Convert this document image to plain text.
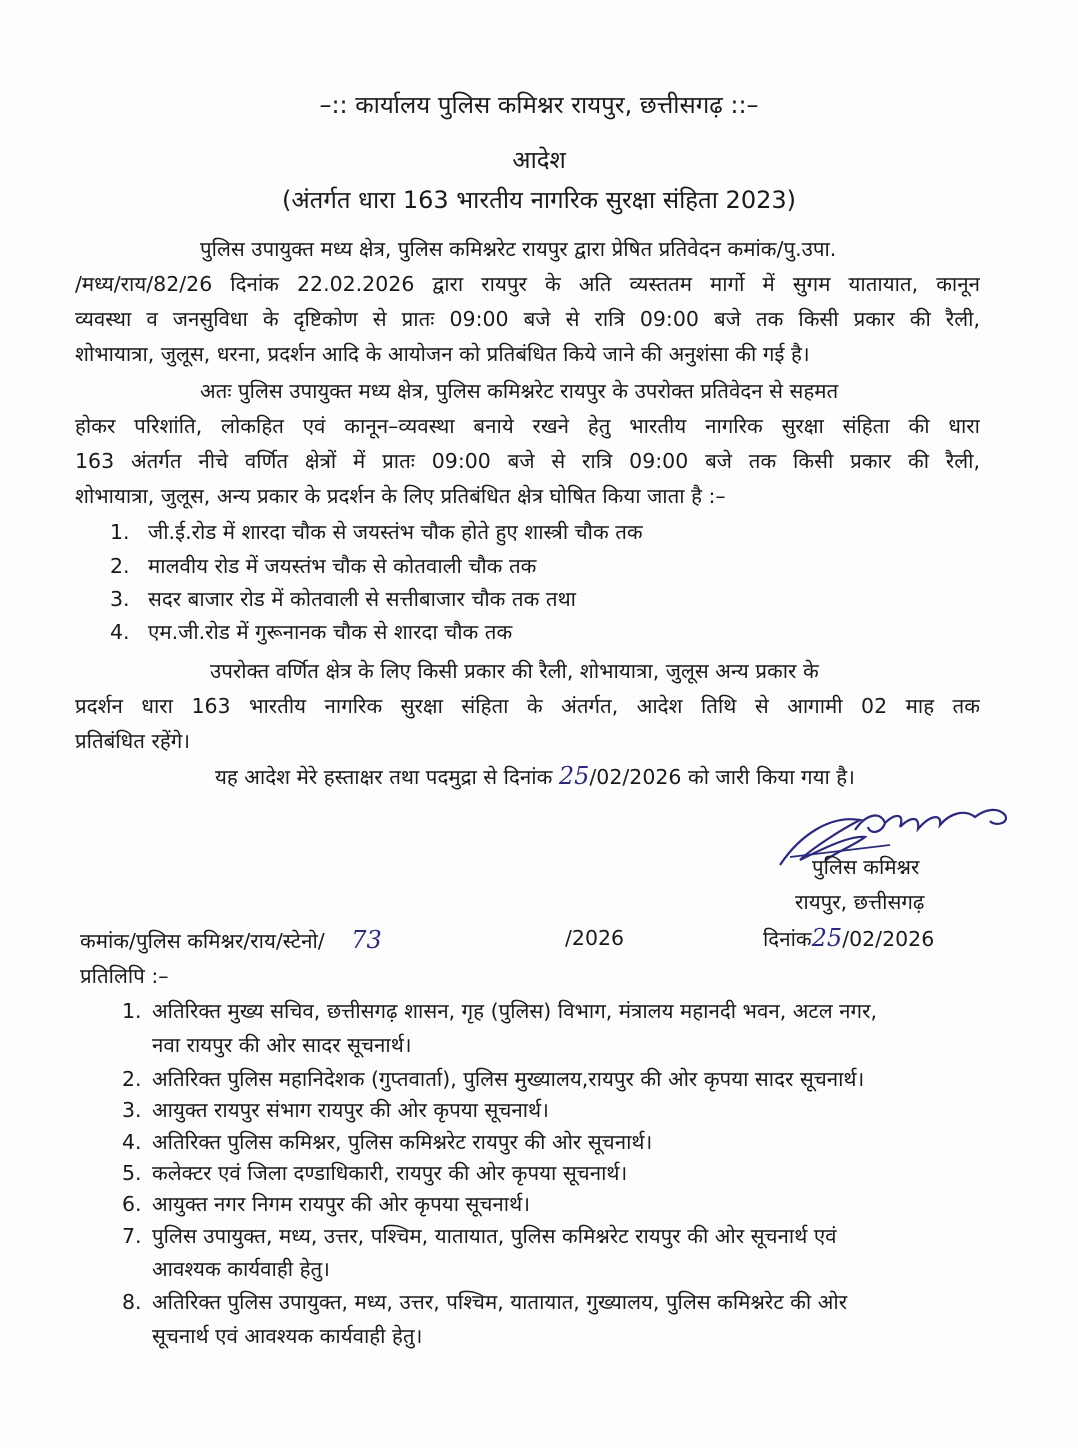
–:: कार्यालय पुलिस कमिश्नर रायपुर, छत्तीसगढ़ ::–
आदेश
(अंतर्गत धारा 163 भारतीय नागरिक सुरक्षा संहिता 2023)
पुलिस उपायुक्त मध्य क्षेत्र, पुलिस कमिश्नरेट रायपुर द्वारा प्रेषित प्रतिवेदन कमांक/पु.उपा.
/मध्य/राय/82/26 दिनांक 22.02.2026 द्वारा रायपुर के अति व्यस्ततम मार्गो में सुगम यातायात, कानून
व्यवस्था व जनसुविधा के दृष्टिकोण से प्रातः 09:00 बजे से रात्रि 09:00 बजे तक किसी प्रकार की रैली,
शोभायात्रा, जुलूस, धरना, प्रदर्शन आदि के आयोजन को प्रतिबंधित किये जाने की अनुशंसा की गई है।
अतः पुलिस उपायुक्त मध्य क्षेत्र, पुलिस कमिश्नरेट रायपुर के उपरोक्त प्रतिवेदन से सहमत
होकर परिशांति, लोकहित एवं कानून–व्यवस्था बनाये रखने हेतु भारतीय नागरिक सुरक्षा संहिता की धारा
163 अंतर्गत नीचे वर्णित क्षेत्रों में प्रातः 09:00 बजे से रात्रि 09:00 बजे तक किसी प्रकार की रैली,
शोभायात्रा, जुलूस, अन्य प्रकार के प्रदर्शन के लिए प्रतिबंधित क्षेत्र घोषित किया जाता है :–
1. जी.ई.रोड में शारदा चौक से जयस्तंभ चौक होते हुए शास्त्री चौक तक
2. मालवीय रोड में जयस्तंभ चौक से कोतवाली चौक तक
3. सदर बाजार रोड में कोतवाली से सत्तीबाजार चौक तक तथा
4. एम.जी.रोड में गुरूनानक चौक से शारदा चौक तक
उपरोक्त वर्णित क्षेत्र के लिए किसी प्रकार की रैली, शोभायात्रा, जुलूस अन्य प्रकार के
प्रदर्शन धारा 163 भारतीय नागरिक सुरक्षा संहिता के अंतर्गत, आदेश तिथि से आगामी 02 माह तक
प्रतिबंधित रहेंगे।
यह आदेश मेरे हस्ताक्षर तथा पदमुद्रा से दिनांक 25/02/2026 को जारी किया गया है।
पुलिस कमिश्नर
रायपुर, छत्तीसगढ़
कमांक/पुलिस कमिश्नर/राय/स्टेनो/ 73	/2026	दिनांक25/02/2026
प्रतिलिपि :–
1. अतिरिक्त मुख्य सचिव, छत्तीसगढ़ शासन, गृह (पुलिस) विभाग, मंत्रालय महानदी भवन, अटल नगर,
नवा रायपुर की ओर सादर सूचनार्थ।
2. अतिरिक्त पुलिस महानिदेशक (गुप्तवार्ता), पुलिस मुख्यालय,रायपुर की ओर कृपया सादर सूचनार्थ।
3. आयुक्त रायपुर संभाग रायपुर की ओर कृपया सूचनार्थ।
4. अतिरिक्त पुलिस कमिश्नर, पुलिस कमिश्नरेट रायपुर की ओर सूचनार्थ।
5. कलेक्टर एवं जिला दण्डाधिकारी, रायपुर की ओर कृपया सूचनार्थ।
6. आयुक्त नगर निगम रायपुर की ओर कृपया सूचनार्थ।
7. पुलिस उपायुक्त, मध्य, उत्तर, पश्चिम, यातायात, पुलिस कमिश्नरेट रायपुर की ओर सूचनार्थ एवं
आवश्यक कार्यवाही हेतु।
8. अतिरिक्त पुलिस उपायुक्त, मध्य, उत्तर, पश्चिम, यातायात, गुख्यालय, पुलिस कमिश्नरेट की ओर
सूचनार्थ एवं आवश्यक कार्यवाही हेतु।
